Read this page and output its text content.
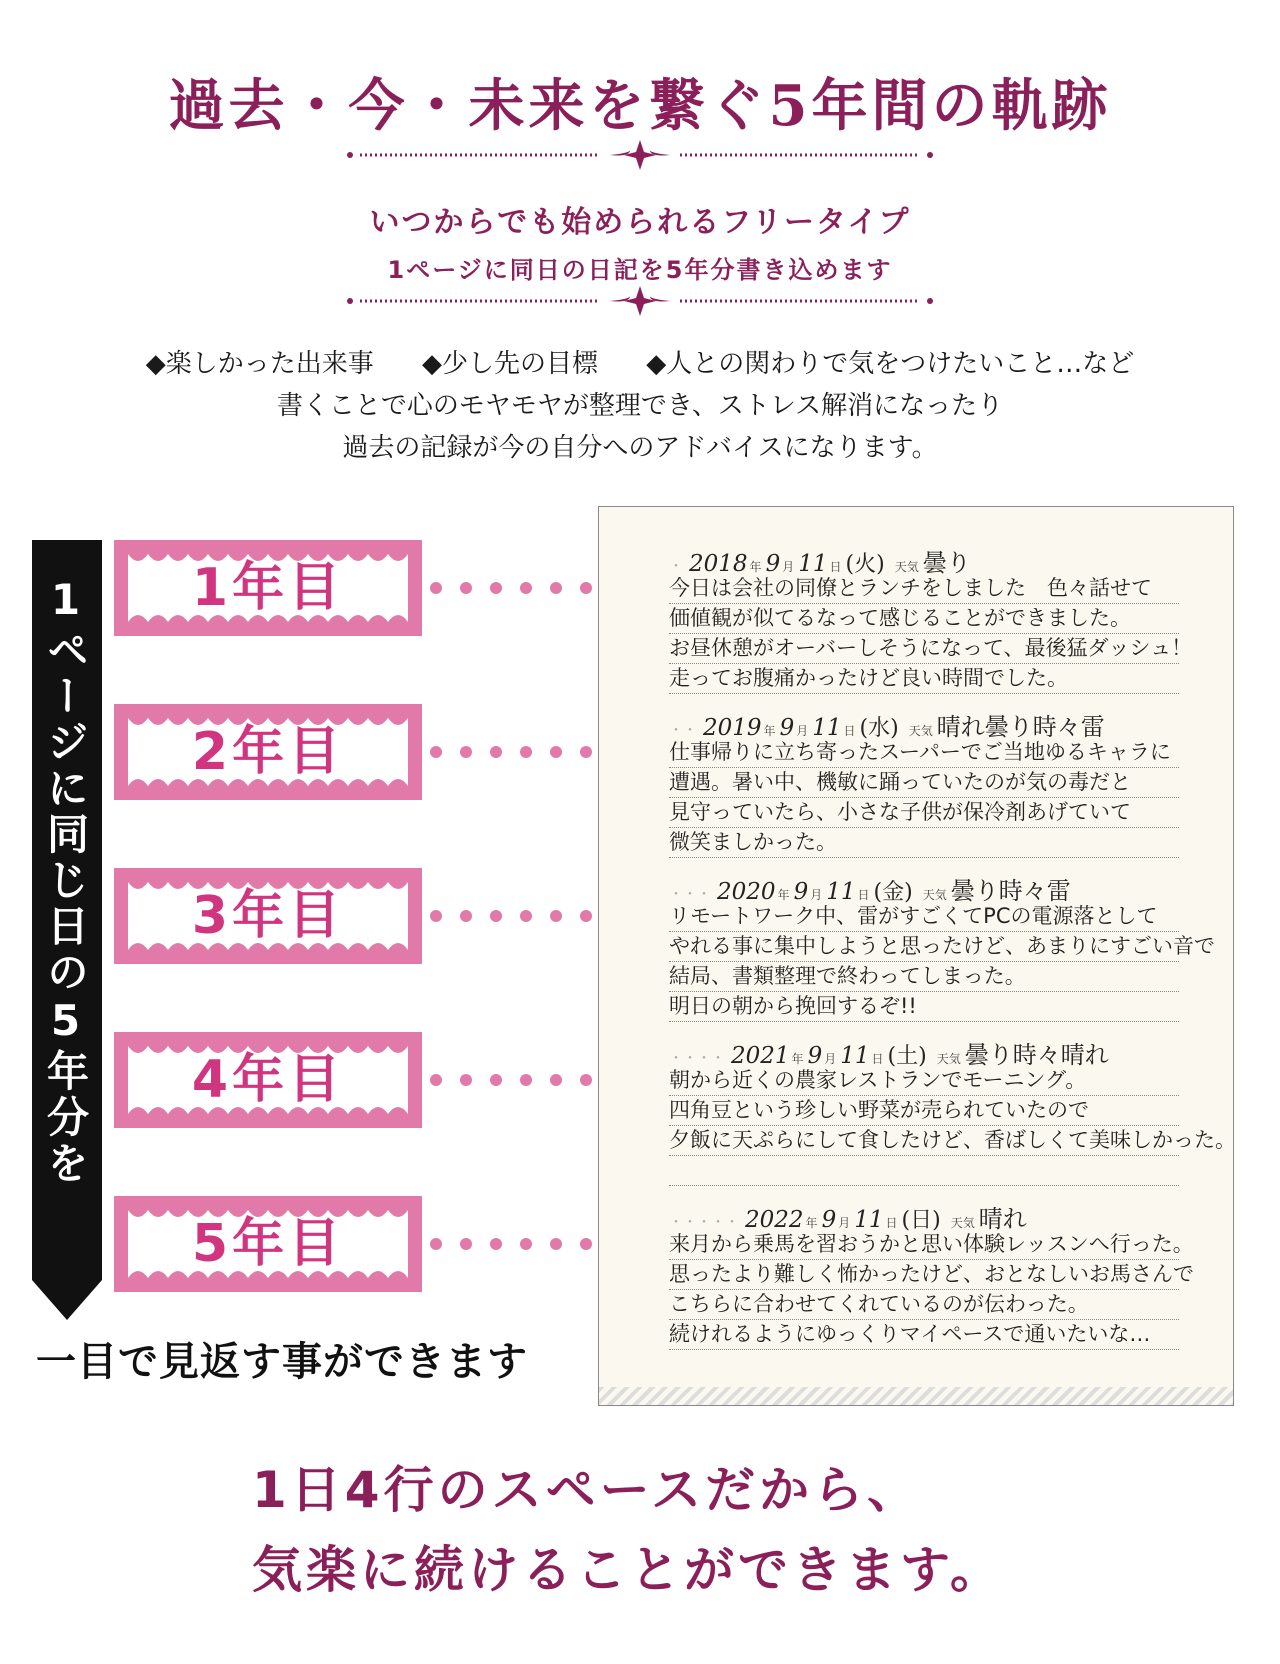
過去・今・未来を繋ぐ5年間の軌跡
いつからでも始められるフリータイプ
1ページに同日の日記を5年分書き込めます
◆楽しかった出来事 ◆少し先の目標 ◆人との関わりで気をつけたいこと…など
書くことで心のモヤモヤが整理でき、ストレス解消になったり
過去の記録が今の自分へのアドバイスになります。
1ページに同じ日の5年分を
一目で見返す事ができます
1年目
2年目
3年目
4年目
5年目
・ 2018 年 9 月 11 日 (火) 天気 曇り
今日は会社の同僚とランチをしました　色々話せて
価値観が似てるなって感じることができました。
お昼休憩がオーバーしそうになって、最後猛ダッシュ！
走ってお腹痛かったけど良い時間でした。
・・ 2019 年 9 月 11 日 (水) 天気 晴れ曇り時々雷
仕事帰りに立ち寄ったスーパーでご当地ゆるキャラに
遭遇。暑い中、機敏に踊っていたのが気の毒だと
見守っていたら、小さな子供が保冷剤あげていて
微笑ましかった。
・・・ 2020 年 9 月 11 日 (金) 天気 曇り時々雷
リモートワーク中、雷がすごくてPCの電源落として
やれる事に集中しようと思ったけど、あまりにすごい音で
結局、書類整理で終わってしまった。
明日の朝から挽回するぞ!!
・・・・ 2021 年 9 月 11 日 (土) 天気 曇り時々晴れ
朝から近くの農家レストランでモーニング。
四角豆という珍しい野菜が売られていたので
夕飯に天ぷらにして食したけど、香ばしくて美味しかった。
・・・・・ 2022 年 9 月 11 日 (日) 天気 晴れ
来月から乗馬を習おうかと思い体験レッスンへ行った。
思ったより難しく怖かったけど、おとなしいお馬さんで
こちらに合わせてくれているのが伝わった。
続けれるようにゆっくりマイペースで通いたいな…
1日4行のスペースだから、
気楽に続けることができます。
